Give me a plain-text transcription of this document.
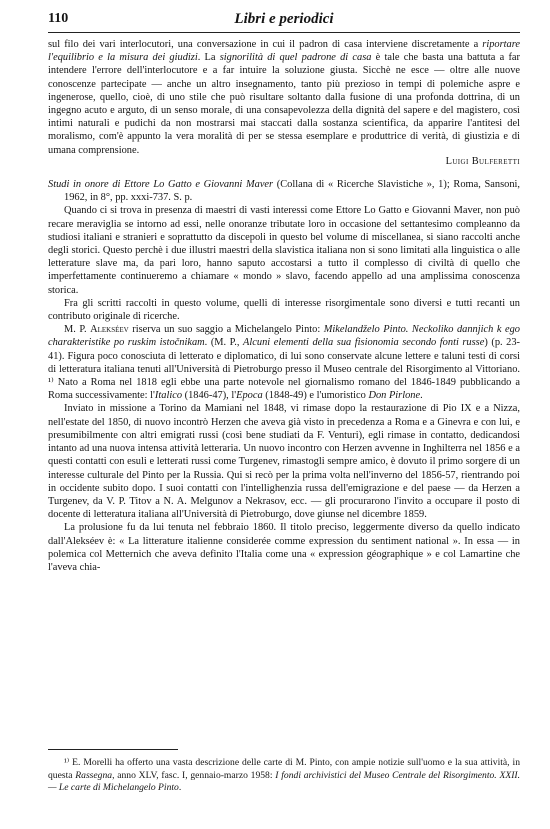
110	Libri e periodici

sul filo dei vari interlocutori, una conversazione in cui il padron di casa interviene discretamente a riportare l'equilibrio e la misura dei giudizi. La signorilità di quel padrone di casa è tale che basta una battuta a far intendere l'errore dell'interlocutore e a far intuire la soluzione giusta. Sicchè ne esce — oltre alle nuove conoscenze partecipate — anche un altro insegnamento, tanto più prezioso in tempi di polemiche aspre e ingenerose, quello, cioè, di uno stile che può risultare soltanto dalla fusione di una profonda dottrina, di un ingegno acuto e arguto, di un senso morale, di una consapevolezza della dignità del sapere e del magistero, così intimi naturali e pudichi da non mostrarsi mai staccati dalla sostanza scientifica, da apparire l'antitesi del moralismo, com'è appunto la vera moralità di per se stessa esemplare e produttrice di verità, di giustizia e di umana comprensione.

Luigi Bulferetti

Studi in onore di Ettore Lo Gatto e Giovanni Maver (Collana di « Ricerche Slavistiche », 1); Roma, Sansoni, 1962, in 8°, pp. xxxi-737. S. p.

Quando ci si trova in presenza di maestri di vasti interessi come Ettore Lo Gatto e Giovanni Maver, non può recare meraviglia se intorno ad essi, nelle onoranze tributate loro in occasione del settantesimo compleanno da studiosi italiani e stranieri e soprattutto da discepoli in questo bel volume di miscellanea, si siano raccolti anche degli storici. Questo perchè i due illustri maestri della slavistica italiana non si sono limitati alla linguistica o alle letterature slave ma, da pari loro, hanno saputo accostarsi a tutto il complesso di civiltà di quello che imperfettamente continueremo a chiamare « mondo » slavo, facendo appello ad una amplissima conoscenza storica.

Fra gli scritti raccolti in questo volume, quelli di interesse risorgimentale sono diversi e tutti recanti un contributo originale di ricerche.

M. P. Alekséev riserva un suo saggio a Michelangelo Pinto: Mikelandželo Pinto. Neckoliko dannjich k ego charakteristike po ruskim istočnikam. (M. P., Alcuni elementi della sua fisionomia secondo fonti russe) (p. 23-41). Figura poco conosciuta di letterato e diplomatico, di lui sono conservate alcune lettere e taluni testi di corsi di letteratura italiana tenuti all'Università di Pietroburgo presso il Museo centrale del Risorgimento al Vittoriano. ¹⁾ Nato a Roma nel 1818 egli ebbe una parte notevole nel giornalismo romano del 1846-1849 pubblicando a Roma successivamente: l'Italico (1846-47), l'Epoca (1848-49) e l'umoristico Don Pirlone.

Inviato in missione a Torino da Mamiani nel 1848, vi rimase dopo la restaurazione di Pio IX e a Nizza, nell'estate del 1850, di nuovo incontrò Herzen che aveva già visto in precedenza a Roma e a Ginevra e con lui, e presumibilmente con altri emigrati russi (così bene studiati da F. Venturi), egli rimase in contatto, dedicandosi intanto ad una nuova intensa attività letteraria. Un nuovo incontro con Herzen avvenne in Inghilterra nel 1856 e a questi contatti con esuli e letterati russi come Turgenev, rimastogli sempre amico, è dovuto il primo sorgere di un interesse culturale del Pinto per la Russia. Qui si recò per la prima volta nell'inverno del 1856-57, rientrando poi in occidente subito dopo. I suoi contatti con l'intellighenzia russa dell'emigrazione e del paese — da Herzen a Turgenev, da V. P. Titov a N. A. Melgunov a Nekrasov, ecc. — gli procurarono l'invito a occupare il posto di docente di letteratura italiana all'Università di Pietroburgo, dove giunse nel dicembre 1859.

La prolusione fu da lui tenuta nel febbraio 1860. Il titolo preciso, leggermente diverso da quello indicato dall'Alekséev è: « La litterature italienne considerée comme expression du sentiment national ». In essa — in polemica col Metternich che aveva definito l'Italia come una « expression géographique » e col Lamartine che l'aveva chia-

¹⁾ E. Morelli ha offerto una vasta descrizione delle carte di M. Pinto, con ampie notizie sull'uomo e la sua attività, in questa Rassegna, anno XLV, fasc. I, gennaio-marzo 1958: I fondi archivistici del Museo Centrale del Risorgimento. XXII. — Le carte di Michelangelo Pinto.
